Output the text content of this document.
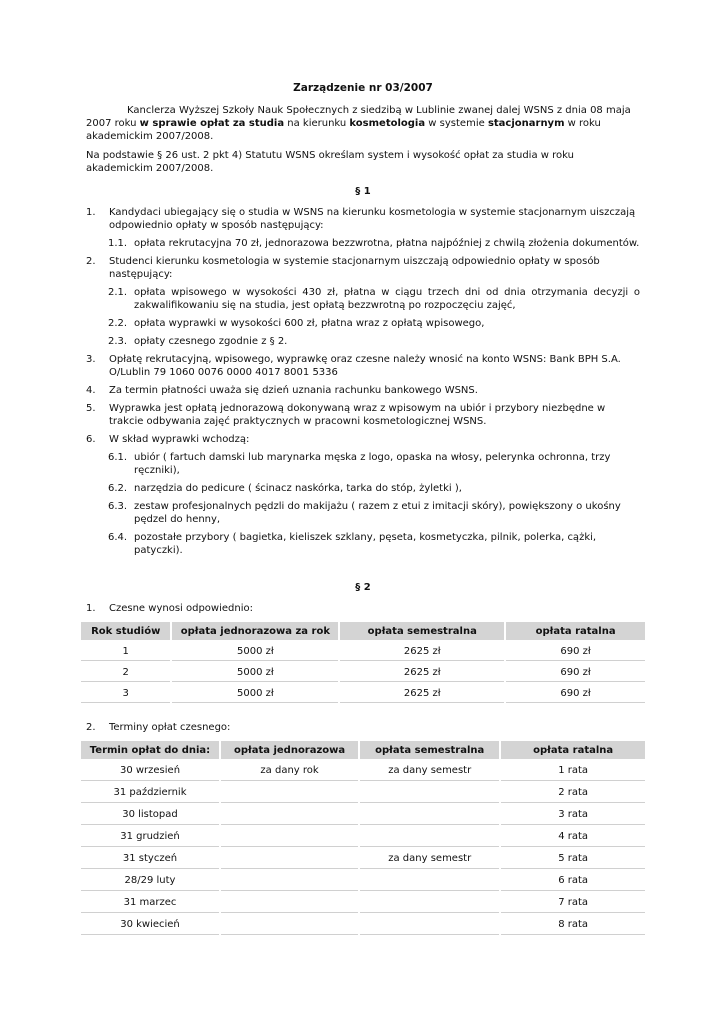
Zarządzenie nr 03/2007

Kanclerza Wyższej Szkoły Nauk Społecznych z siedzibą w Lublinie zwanej dalej WSNS z dnia 08 maja 2007 roku w sprawie opłat za studia na kierunku kosmetologia w systemie stacjonarnym w roku akademickim 2007/2008.

Na podstawie § 26 ust. 2 pkt 4) Statutu WSNS określam system i wysokość opłat za studia w roku akademickim 2007/2008.

§ 1

1. Kandydaci ubiegający się o studia w WSNS na kierunku kosmetologia w systemie stacjonarnym uiszczają odpowiednio opłaty w sposób następujący:
1.1. opłata rekrutacyjna 70 zł, jednorazowa bezzwrotna, płatna najpóźniej z chwilą złożenia dokumentów.
2. Studenci kierunku kosmetologia w systemie stacjonarnym uiszczają odpowiednio opłaty w sposób następujący:
2.1. opłata wpisowego w wysokości 430 zł, płatna w ciągu trzech dni od dnia otrzymania decyzji o zakwalifikowaniu się na studia, jest opłatą bezzwrotną po rozpoczęciu zajęć,
2.2. opłata wyprawki w wysokości 600 zł, płatna wraz z opłatą wpisowego,
2.3. opłaty czesnego zgodnie z § 2.
3. Opłatę rekrutacyjną, wpisowego, wyprawkę oraz czesne należy wnosić na konto WSNS: Bank BPH S.A. O/Lublin 79 1060 0076 0000 4017 8001 5336
4. Za termin płatności uważa się dzień uznania rachunku bankowego WSNS.
5. Wyprawka jest opłatą jednorazową dokonywaną wraz z wpisowym na ubiór i przybory niezbędne w trakcie odbywania zajęć praktycznych w pracowni kosmetologicznej WSNS.
6. W skład wyprawki wchodzą:
6.1. ubiór ( fartuch damski lub marynarka męska z logo, opaska na włosy, pelerynka ochronna, trzy ręczniki),
6.2. narzędzia do pedicure ( ścinacz naskórka, tarka do stóp, żyletki ),
6.3. zestaw profesjonalnych pędzli do makijażu ( razem z etui z imitacji skóry), powiększony o ukośny pędzel do henny,
6.4. pozostałe przybory ( bagietka, kieliszek szklany, pęseta, kosmetyczka, pilnik, polerka, cążki, patyczki).

§ 2

1. Czesne wynosi odpowiednio:
Rok studiów	opłata jednorazowa za rok	opłata semestralna	opłata ratalna
1	5000 zł	2625 zł	690 zł
2	5000 zł	2625 zł	690 zł
3	5000 zł	2625 zł	690 zł

2. Terminy opłat czesnego:
Termin opłat do dnia:	opłata jednorazowa	opłata semestralna	opłata ratalna
30 wrzesień	za dany rok	za dany semestr	1 rata
31 październik			2 rata
30 listopad			3 rata
31 grudzień			4 rata
31 styczeń		za dany semestr	5 rata
28/29 luty			6 rata
31 marzec			7 rata
30 kwiecień			8 rata
